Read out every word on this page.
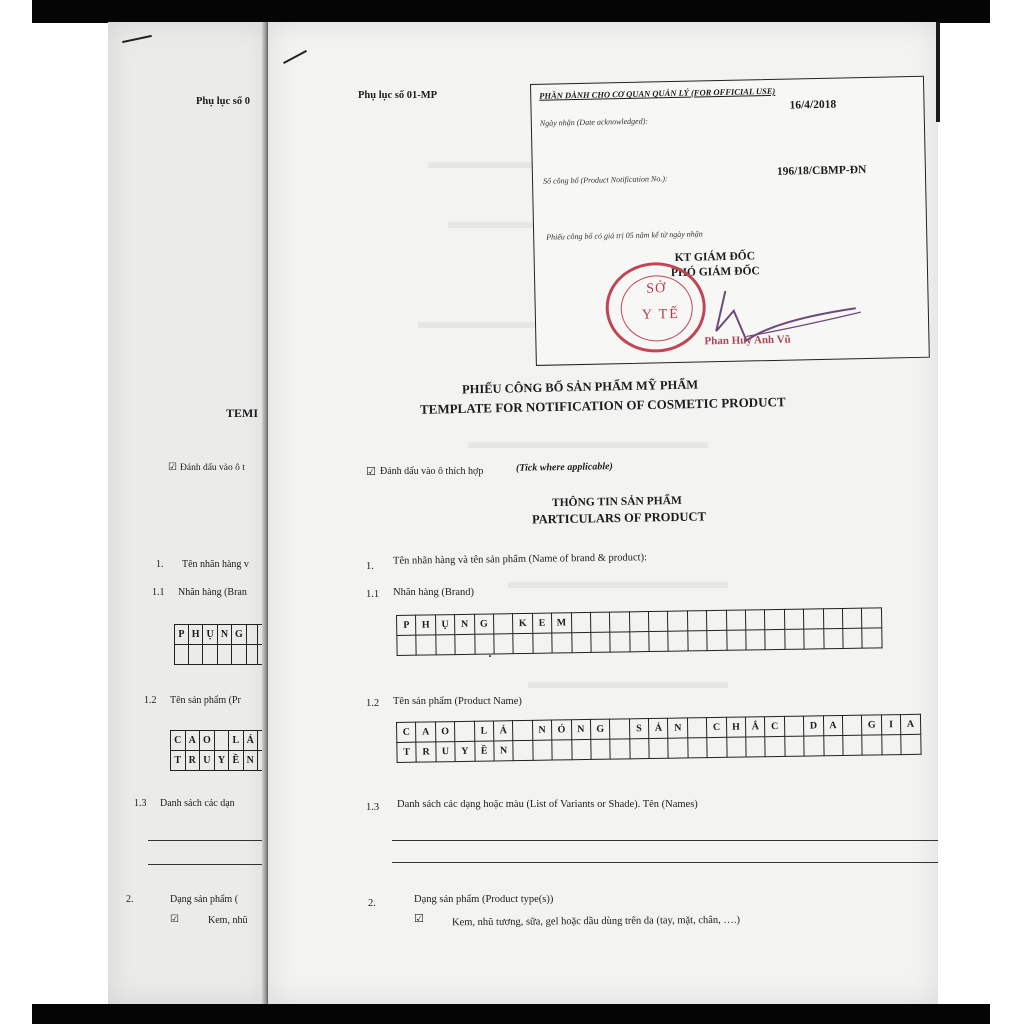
Phụ lục số 0
TEMI
☑ Đánh dấu vào ô t
1. Tên nhãn hàng v
1.1 Nhãn hàng (Bran
P	H	Ụ	N	G		

1.2 Tên sản phẩm (Pr
C	A	O		L	Á	
T	R	U	Y	Ề	N	
1.3 Danh sách các dạn
2.	Dạng sản phẩm (
☑	Kem, nhũ
Phụ lục số 01-MP	PHẦN DÀNH CHO CƠ QUAN QUẢN LÝ (FOR OFFICIAL USE)
Ngày nhận (Date acknowledged):
16/4/2018
Số công bố (Product Notification No.):
196/18/CBMP-ĐN
Phiếu công bố có giá trị 05 năm kể từ ngày nhận
KT GIÁM ĐỐC
PHÓ GIÁM ĐỐC
SỞ
Y TẾ
Phan Huy Anh Vũ
PHIẾU CÔNG BỐ SẢN PHẨM MỸ PHẨM
TEMPLATE FOR NOTIFICATION OF COSMETIC PRODUCT
☑ Đánh dấu vào ô thích hợp	(Tick where applicable)
THÔNG TIN SẢN PHẨM
PARTICULARS OF PRODUCT
1. Tên nhãn hàng và tên sản phẩm (Name of brand & product):
1.1 Nhãn hàng (Brand)
P	H	Ụ	N	G		K	E	M																

·
1.2 Tên sản phẩm (Product Name)
C	A	O		L	Á		N	Ó	N	G		S	Ả	N		C	H	Ắ	C		D	A		G	I	A
T	R	U	Y	Ề	N																					
1.3 Danh sách các dạng hoặc màu (List of Variants or Shade). Tên (Names)
2.	Dạng sản phẩm (Product type(s))
☑	Kem, nhũ tương, sữa, gel hoặc dầu dùng trên da (tay, mặt, chân, ….)
